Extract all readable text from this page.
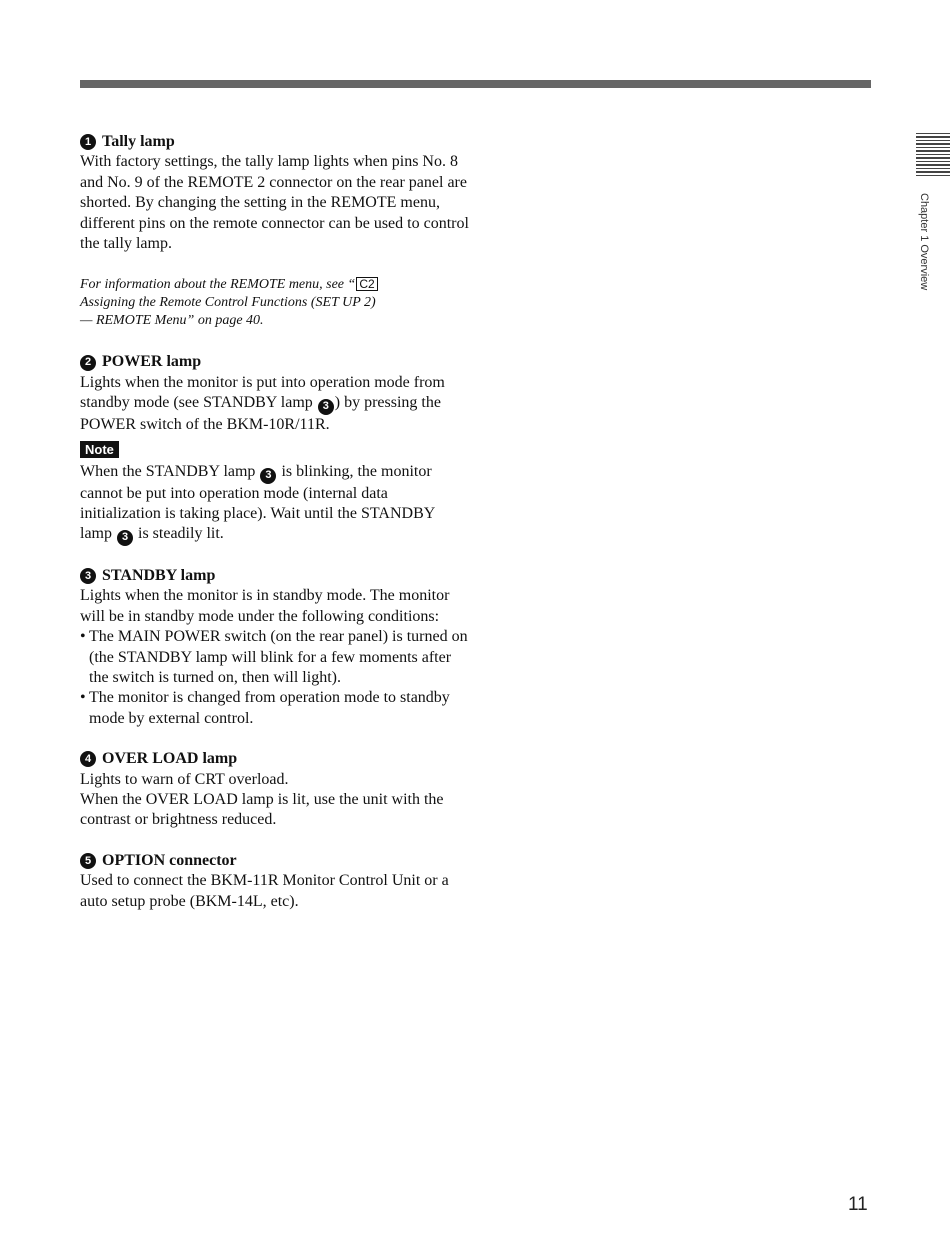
Chapter 1 Overview
1 Tally lamp
With factory settings, the tally lamp lights when pins No. 8 and No. 9 of the REMOTE 2 connector on the rear panel are shorted. By changing the setting in the REMOTE menu, different pins on the remote connector can be used to control the tally lamp.
For information about the REMOTE menu, see “ C2
Assigning the Remote Control Functions (SET UP 2)
— REMOTE Menu” on page 40.
2 POWER lamp
Lights when the monitor is put into operation mode from standby mode (see STANDBY lamp 3 ) by pressing the POWER switch of the BKM-10R/11R.
Note
When the STANDBY lamp 3 is blinking, the monitor cannot be put into operation mode (internal data initialization is taking place). Wait until the STANDBY lamp 3 is steadily lit.
3 STANDBY lamp
Lights when the monitor is in standby mode. The monitor will be in standby mode under the following conditions:
• The MAIN POWER switch (on the rear panel) is turned on (the STANDBY lamp will blink for a few moments after the switch is turned on, then will light).
• The monitor is changed from operation mode to standby mode by external control.
4 OVER LOAD lamp
Lights to warn of CRT overload.
When the OVER LOAD lamp is lit, use the unit with the contrast or brightness reduced.
5 OPTION connector
Used to connect the BKM-11R Monitor Control Unit or a auto setup probe (BKM-14L, etc).
11
